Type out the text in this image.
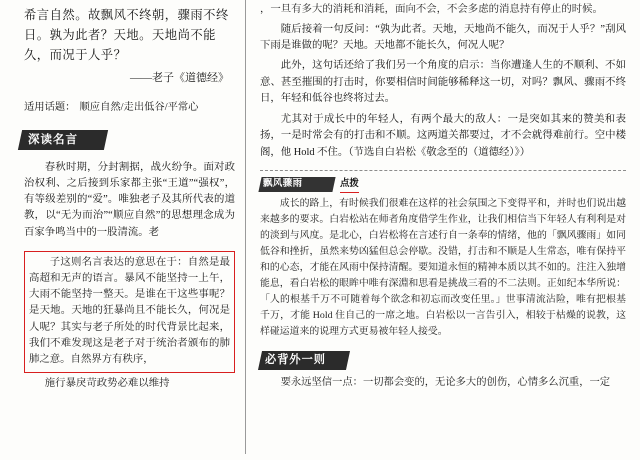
希言自然。故飘风不终朝，骤雨不终日。孰为此者？天地。天地尚不能久，而况于人乎？
——老子《道德经》
适用话题： 顺应自然/走出低谷/平常心
深读名言

春秋时期，分封割据，战火纷争。面对政治权利、之后接到乐家都主张“王道”“强权”，有等级差别的“爱”。唯独老子及其所代表的道教，以“无为而治”“顺应自然”的思想理念成为百家争鸣当中的一股清流。老

子这则名言表达的意思在于：自然是最高超和无声的语言。暴风不能坚持一上午，大雨不能坚持一整天。是谁在干这些事呢？是天地。天地的狂暴尚且不能长久，何况是人呢？其实与老子所处的时代背景比起来，我们不难发现这是老子对于统治者颁布的肺肺之意。自然界方有秩序，

施行暴戾苛政势必难以维持
，一旦有多大的消耗和消耗，面向不会，不会多虑的消息持有停止的时候。

随后接着一句反问：“孰为此者。天地，天地尚不能久，而况于人乎？”刮风下雨是谁做的呢？天地。天地都不能长久，何况人呢？

此外，这句话还给了我们另一个角度的启示：当你遭逢人生的不顺利、不如意、甚至摧围的打击时，你要相信时间能够稀释这一切，对吗？飘风、骤雨不终日，年轻和低谷也终将过去。

尤其对于成长中的年轻人，有两个最大的敌人：一是突如其来的赞美和表扬，一是时常会有的打击和不顺。这两道关都要过，才不会就得难前行。空中楼阁，他 Hold 不住。（节选自白岩松《敬念至的（道德经）》）

飘风骤雨	点拨

成长的路上，有时候我们很难在这样的社会氛围之下变得平和，并时也们说出越来越多的要求。白岩松站在师者角度借学生作业，让我们相信当下年轻人有利利是对的淡到与风度。是北心，白岩松将在言述行自一条奉的情绪，他的「飘风骤雨」如同低谷和挫折，虽然来势凶猛但总会停歇。没错，打击和不顺是人生常态，唯有保持平和的心态，才能在风雨中保持清醒。要知道永恒的精神本质以其不如的。注注入独增能息，看白岩松的眼眸中唯有深淵和思看是挑战三看的不二法则。正如纪本华所说：「人的根基千万不可随着每个欲念和初忘而改变任里。」世事清流沾险，唯有把根基千万，才能 Hold 住自己的一席之地。白岩松以一言告引入，相较于枯燥的说教，这样碰运道来的说理方式更易被年轻人接受。

必背外一则

要永远坚信一点：一切都会变的，无论多大的创伤，心情多么沉重，一定
